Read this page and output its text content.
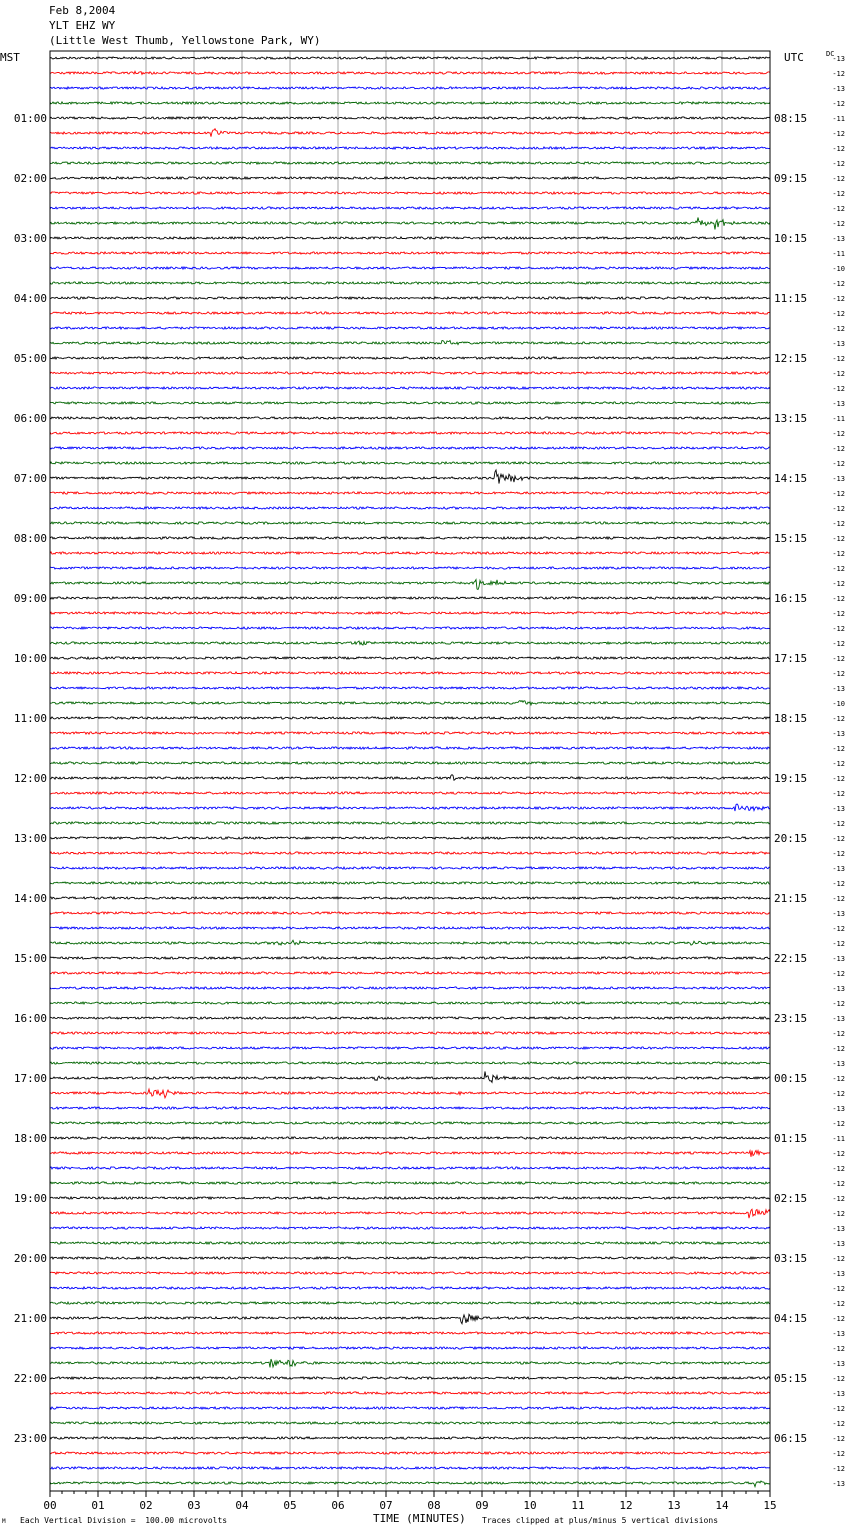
Feb 8,2004
YLT EHZ WY
(Little West Thumb, Yellowstone Park, WY)
-13
-12
-13
-12
-11
-12
-12
-12
-12
-12
-12
-12
-13
-11
-10
-12
-12
-12
-12
-13
-12
-12
-12
-13
-11
-12
-12
-12
-13
-12
-12
-12
-12
-12
-12
-12
-12
-12
-12
-12
-12
-12
-13
-10
-12
-13
-12
-12
-12
-12
-13
-12
-12
-12
-13
-12
-12
-13
-12
-12
-13
-12
-13
-12
-13
-12
-12
-13
-12
-12
-13
-12
-11
-12
-12
-12
-12
-12
-13
-13
-12
-13
-12
-12
-12
-13
-12
-13
-12
-13
-12
-12
-12
-12
-12
-13
01:00
02:00
03:00
04:00
05:00
06:00
07:00
08:00
09:00
10:00
11:00
12:00
13:00
14:00
15:00
16:00
17:00
18:00
19:00
20:00
21:00
22:00
23:00
08:15
09:15
10:15
11:15
12:15
13:15
14:15
15:15
16:15
17:15
18:15
19:15
20:15
21:15
22:15
23:15
00:15
01:15
02:15
03:15
04:15
05:15
06:15
MST	UTC	DC
00	01	02	03	04	05	06	07	08	09	10	11	12	13	14	15
M Each Vertical Division =  100.00 microvolts	TIME (MINUTES) Traces clipped at plus/minus 5 vertical divisions
